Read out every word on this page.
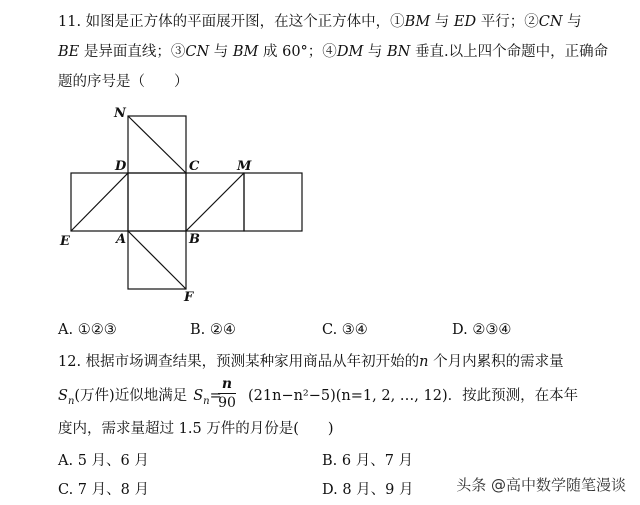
11. 如图是正方体的平面展开图，在这个正方体中，①BM 与 ED 平行；②CN 与
BE 是异面直线；③CN 与 BM 成 60°；④DM 与 BN 垂直.以上四个命题中，正确命
题的序号是（　　）
N
D	C	M
E	A	B
F
A. ①②③	B. ②④	C. ③④	D. ②③④
12. 根据市场调查结果，预测某种家用商品从年初开始的n 个月内累积的需求量
$S_n$(万件)近似地满足 $S_n=$
n
90 (21n−n²−5)(n=1, 2, …, 12)．按此预测，在本年
度内，需求量超过 1.5 万件的月份是(　　)
A. 5 月、6 月	B. 6 月、7 月
C. 7 月、8 月	D. 8 月、9 月	头条 @高中数学随笔漫谈
